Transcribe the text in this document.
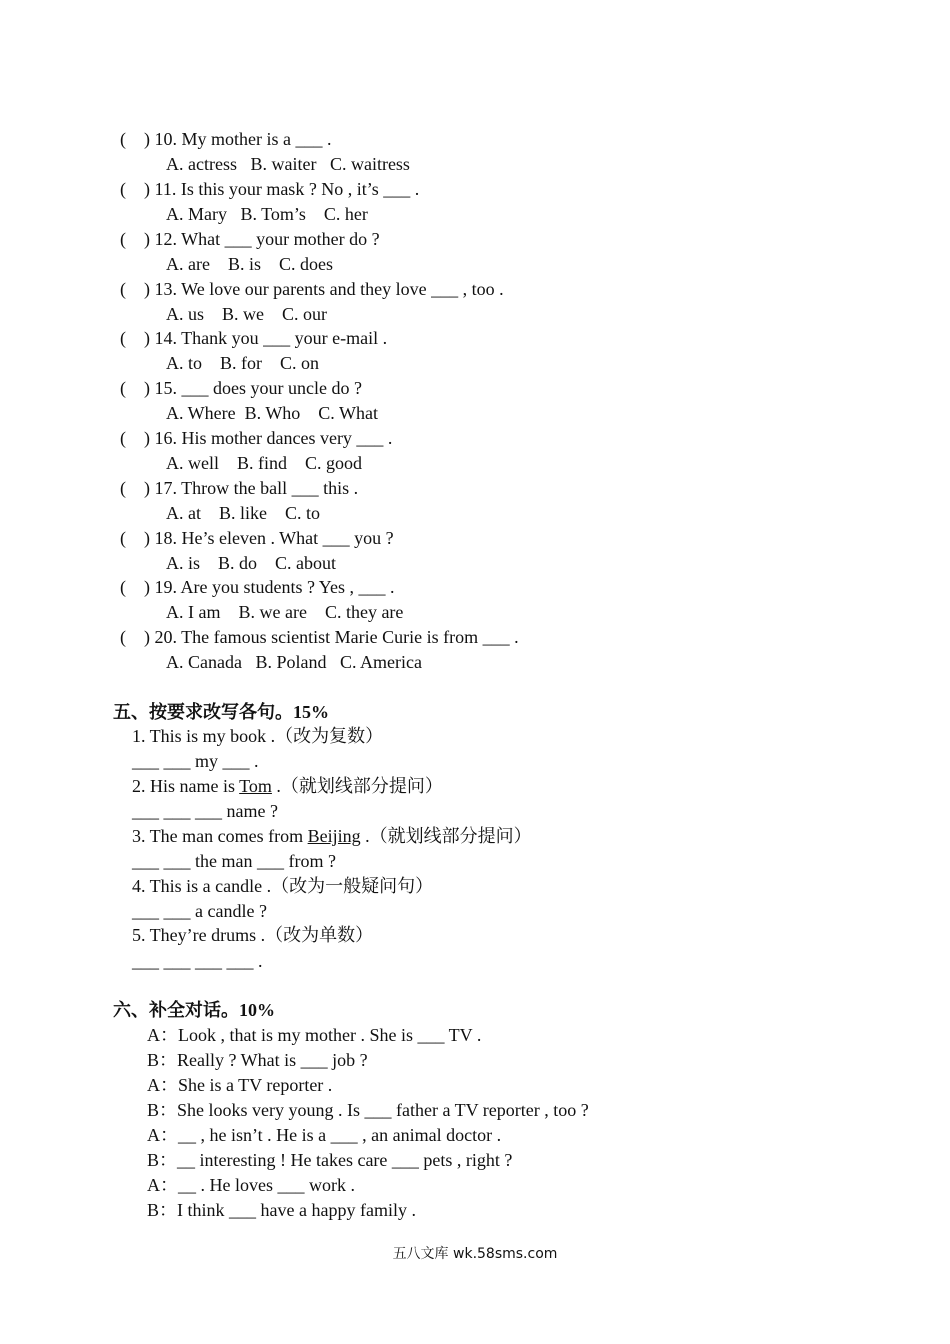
(    ) 10. My mother is a ___ .
A. actress   B. waiter   C. waitress
(    ) 11. Is this your mask ? No , it’s ___ .
A. Mary   B. Tom’s    C. her
(    ) 12. What ___ your mother do ?
A. are    B. is    C. does
(    ) 13. We love our parents and they love ___ , too .
A. us    B. we    C. our
(    ) 14. Thank you ___ your e-mail .
A. to    B. for    C. on
(    ) 15. ___ does your uncle do ?
A. Where  B. Who    C. What
(    ) 16. His mother dances very ___ .
A. well    B. find    C. good
(    ) 17. Throw the ball ___ this .
A. at    B. like    C. to
(    ) 18. He’s eleven . What ___ you ?
A. is    B. do    C. about
(    ) 19. Are you students ? Yes , ___ .
A. I am    B. we are    C. they are
(    ) 20. The famous scientist Marie Curie is from ___ .
A. Canada   B. Poland   C. America
五、按要求改写各句。15%
1. This is my book .（改为复数）
___ ___ my ___ .
2. His name is Tom .（就划线部分提问）
___ ___ ___ name ?
3. The man comes from Beijing .（就划线部分提问）
___ ___ the man ___ from ?
4. This is a candle .（改为一般疑问句）
___ ___ a candle ?
5. They’re drums .（改为单数）
___ ___ ___ ___ .
六、补全对话。10%
A：Look , that is my mother . She is ___ TV .
B：Really ? What is ___ job ?
A：She is a TV reporter .
B：She looks very young . Is ___ father a TV reporter , too ?
A：__ , he isn’t . He is a ___ , an animal doctor .
B：__ interesting ! He takes care ___ pets , right ?
A：__ . He loves ___ work .
B：I think ___ have a happy family .
五八文库 wk.58sms.com
